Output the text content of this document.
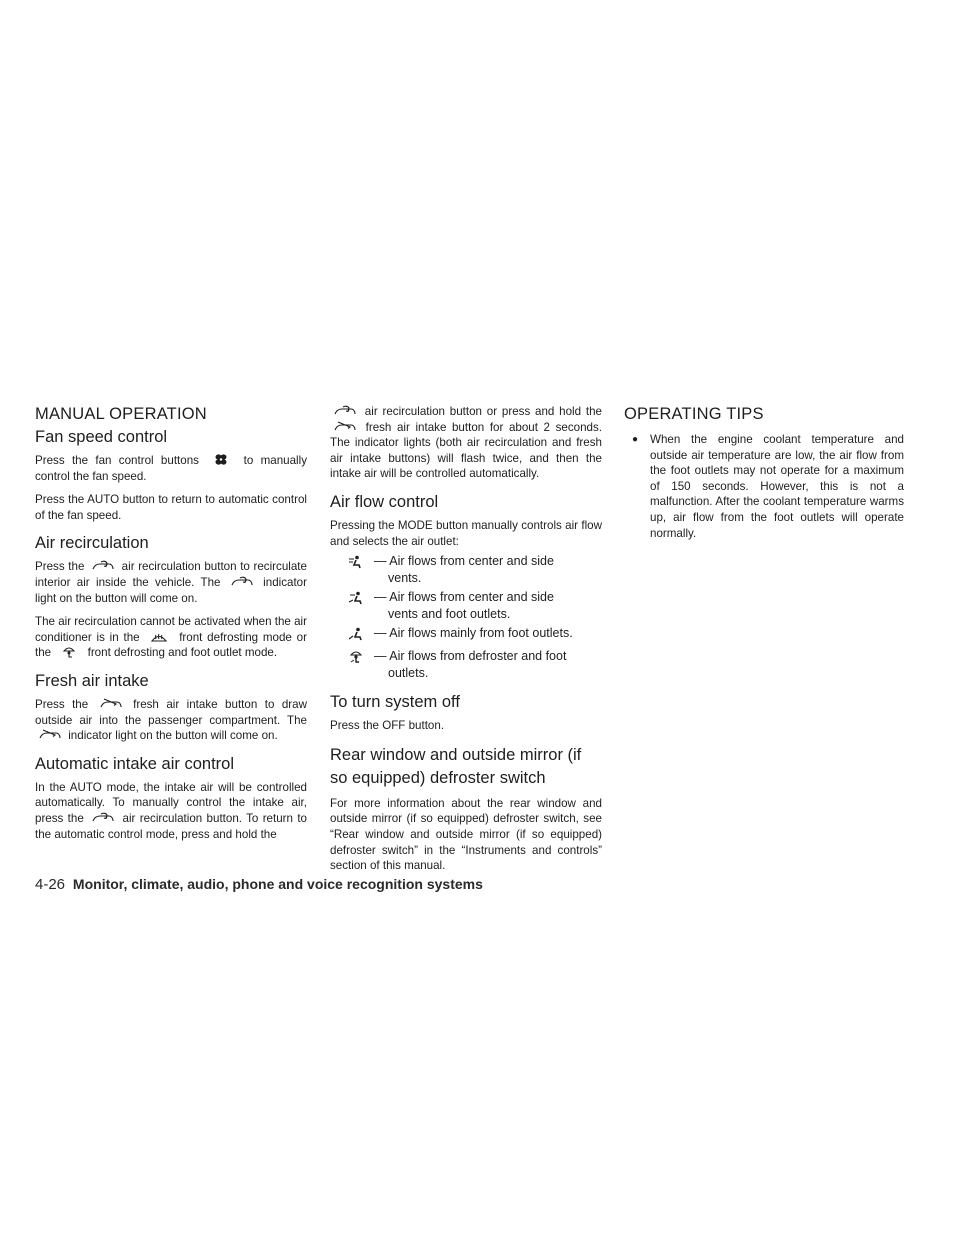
MANUAL OPERATION
Fan speed control

Press the fan control buttons	to manually control the fan speed.

Press the AUTO button to return to automatic control of the fan speed.

Air recirculation

Press the	air recirculation button to recirculate interior air inside the vehicle. The	indicator light on the button will come on.

The air recirculation cannot be activated when the air conditioner is in the	front defrosting mode or the	front defrosting and foot outlet mode.

Fresh air intake

Press the	fresh air intake button to draw outside air into the passenger compartment. The  indicator light on the button will come on.

Automatic intake air control

In the AUTO mode, the intake air will be controlled automatically. To manually control the intake air, press the	air recirculation button. To return to the automatic control mode, press and hold the

air recirculation button or press and hold the  fresh air intake button for about 2 seconds. The indicator lights (both air recirculation and fresh air intake buttons) will flash twice, and then the intake air will be controlled automatically.

Air flow control

Pressing the MODE button manually controls air flow and selects the air outlet:

— Air flows from center and side
vents.
— Air flows from center and side
vents and foot outlets.
— Air flows mainly from foot outlets.
— Air flows from defroster and foot
outlets.
To turn system off

Press the OFF button.

Rear window and outside mirror (if so equipped) defroster switch

For more information about the rear window and outside mirror (if so equipped) defroster switch, see “Rear window and outside mirror (if so equipped) defroster switch” in the “Instruments and controls” section of this manual.

OPERATING TIPS
●	When the engine coolant temperature and outside air temperature are low, the air flow from the foot outlets may not operate for a maximum of 150 seconds. However, this is not a malfunction. After the coolant temperature warms up, air flow from the foot outlets will operate normally.
4-26 Monitor, climate, audio, phone and voice recognition systems
